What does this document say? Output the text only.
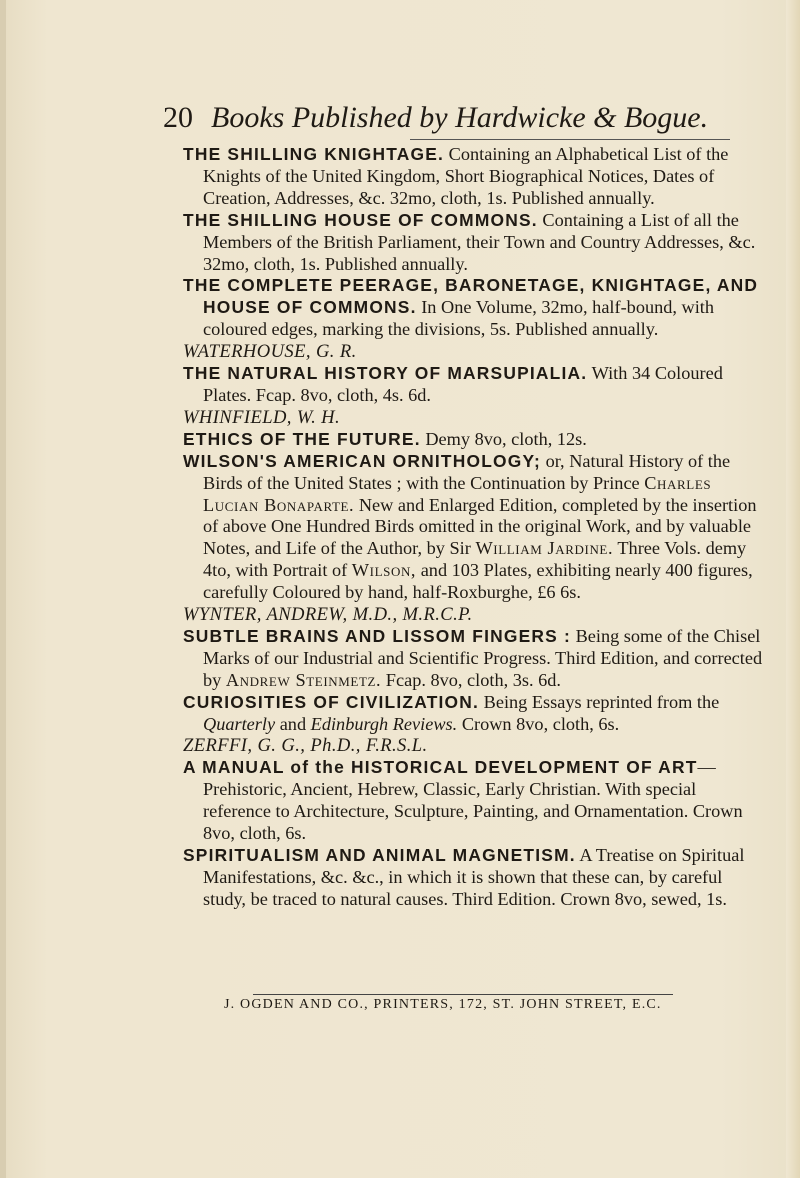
20 Books Published by Hardwicke & Bogue.

THE SHILLING KNIGHTAGE. Containing an Alphabetical List of the Knights of the United Kingdom, Short Biographical Notices, Dates of Creation, Addresses, &c. 32mo, cloth, 1s. Published annually.

THE SHILLING HOUSE OF COMMONS. Containing a List of all the Members of the British Parliament, their Town and Country Addresses, &c. 32mo, cloth, 1s. Published annually.

THE COMPLETE PEERAGE, BARONETAGE, KNIGHTAGE, AND HOUSE OF COMMONS. In One Volume, 32mo, half-bound, with coloured edges, marking the divisions, 5s. Published annually.

WATERHOUSE, G. R.

THE NATURAL HISTORY OF MARSUPIALIA. With 34 Coloured Plates. Fcap. 8vo, cloth, 4s. 6d.

WHINFIELD, W. H.

ETHICS OF THE FUTURE. Demy 8vo, cloth, 12s.

WILSON'S AMERICAN ORNITHOLOGY; or, Natural History of the Birds of the United States ; with the Continuation by Prince Charles Lucian Bonaparte. New and Enlarged Edition, completed by the insertion of above One Hundred Birds omitted in the original Work, and by valuable Notes, and Life of the Author, by Sir William Jardine. Three Vols. demy 4to, with Portrait of Wilson, and 103 Plates, exhibiting nearly 400 figures, carefully Coloured by hand, half-Roxburghe, £6 6s.

WYNTER, ANDREW, M.D., M.R.C.P.

SUBTLE BRAINS AND LISSOM FINGERS : Being some of the Chisel Marks of our Industrial and Scientific Progress. Third Edition, and corrected by Andrew Steinmetz. Fcap. 8vo, cloth, 3s. 6d.

CURIOSITIES OF CIVILIZATION. Being Essays reprinted from the Quarterly and Edinburgh Reviews. Crown 8vo, cloth, 6s.

ZERFFI, G. G., Ph.D., F.R.S.L.

A MANUAL of the HISTORICAL DEVELOPMENT OF ART—Prehistoric, Ancient, Hebrew, Classic, Early Christian. With special reference to Architecture, Sculpture, Painting, and Ornamentation. Crown 8vo, cloth, 6s.

SPIRITUALISM AND ANIMAL MAGNETISM. A Treatise on Spiritual Manifestations, &c. &c., in which it is shown that these can, by careful study, be traced to natural causes. Third Edition. Crown 8vo, sewed, 1s.

J. OGDEN AND CO., PRINTERS, 172, ST. JOHN STREET, E.C.
